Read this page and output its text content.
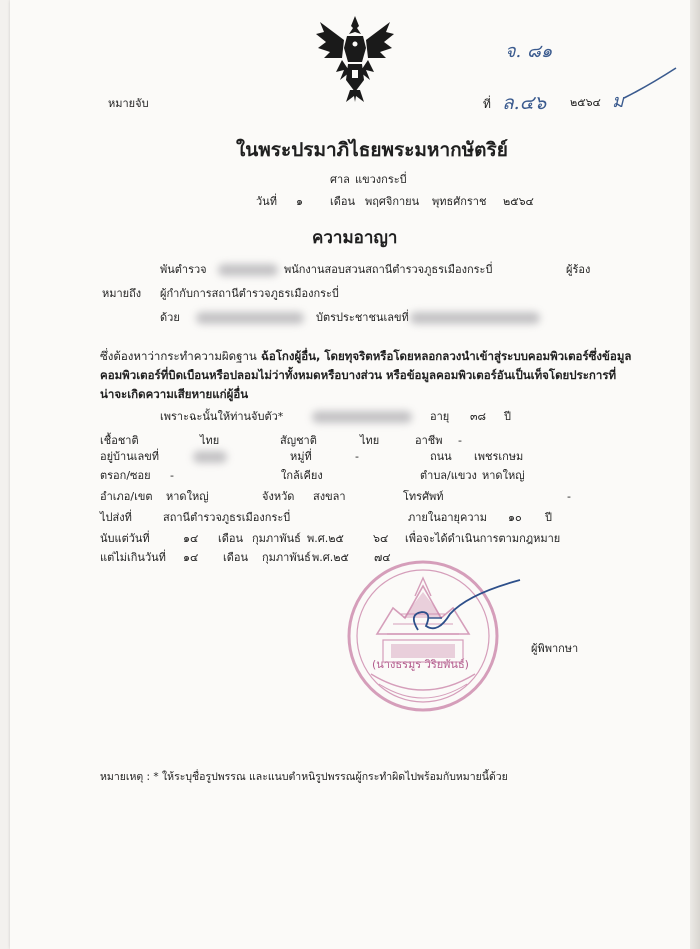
หมายจับ
จ. ๘๑
ที่ ล.๔๖ ๒๕๖๔ ม
ในพระปรมาภิไธยพระมหากษัตริย์
ศาล แขวงกระบี่
วันที่ ๑ เดือน พฤศจิกายน พุทธศักราช ๒๕๖๔
ความอาญา
พันตำรวจ	พนักงานสอบสวนสถานีตำรวจภูธรเมืองกระบี่	ผู้ร้อง
หมายถึง ผู้กำกับการสถานีตำรวจภูธรเมืองกระบี่
ด้วย	บัตรประชาชนเลขที่
ซึ่งต้องหาว่ากระทำความผิดฐาน ฉ้อโกงผู้อื่น, โดยทุจริตหรือโดยหลอกลวงนำเข้าสู่ระบบคอมพิวเตอร์ซึ่งข้อมูล
คอมพิวเตอร์ที่บิดเบือนหรือปลอมไม่ว่าทั้งหมดหรือบางส่วน หรือข้อมูลคอมพิวเตอร์อันเป็นเท็จโดยประการที่
น่าจะเกิดความเสียหายแก่ผู้อื่น
เพราะฉะนั้นให้ท่านจับตัว*	อายุ ๓๘ ปี
เชื้อชาติ	ไทย	สัญชาติ	ไทย	อาชีพ -
อยู่บ้านเลขที่	หมู่ที่	-	ถนน เพชรเกษม
ตรอก/ซอย -	ใกล้เคียง	ตำบล/แขวง หาดใหญ่
อำเภอ/เขต หาดใหญ่	จังหวัด สงขลา	โทรศัพท์	-
ไปส่งที่	สถานีตำรวจภูธรเมืองกระบี่	ภายในอายุความ ๑๐ ปี
นับแต่วันที่	๑๔ เดือน กุมภาพันธ์ พ.ศ.๒๕	๖๔ เพื่อจะได้ดำเนินการตามกฎหมาย
แต่ไม่เกินวันที่ ๑๔ เดือน กุมภาพันธ์ พ.ศ.๒๕ ๗๔
(นางธรมูร วิริยพันธ์)
ผู้พิพากษา
หมายเหตุ : * ให้ระบุชื่อรูปพรรณ และแนบตำหนิรูปพรรณผู้กระทำผิดไปพร้อมกับหมายนี้ด้วย
